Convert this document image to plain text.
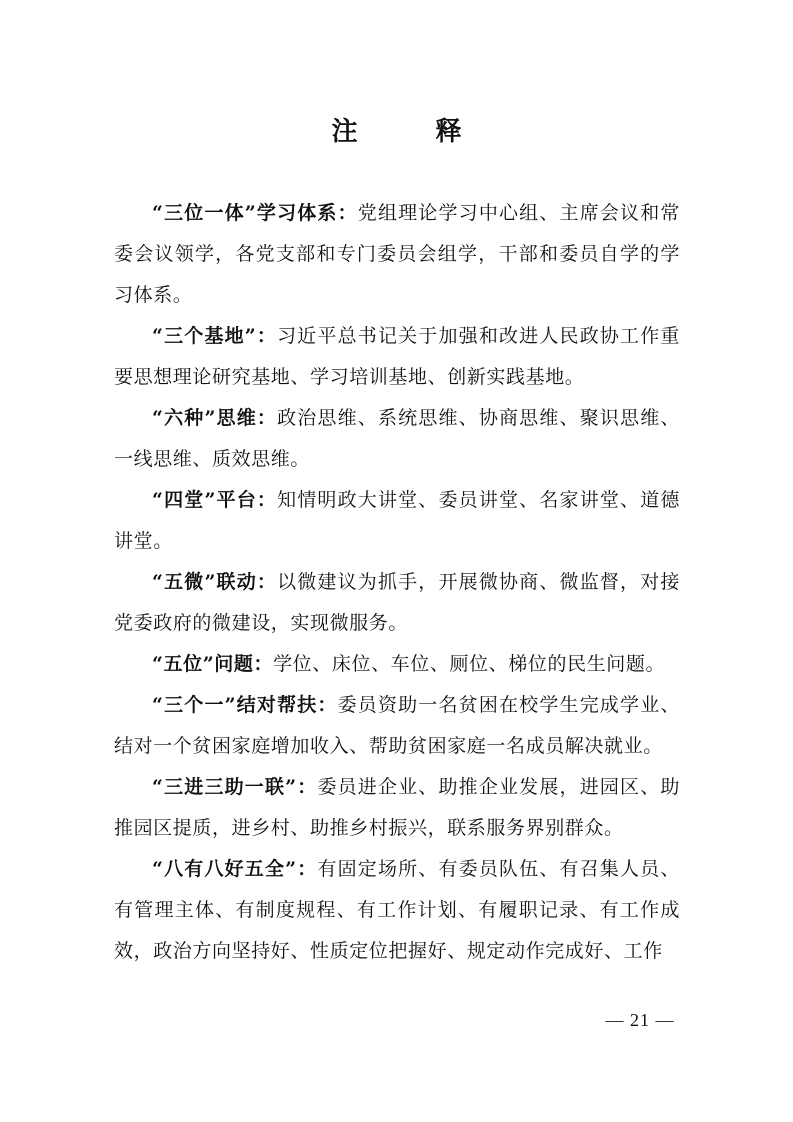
注　释

“三位一体”学习体系：党组理论学习中心组、主席会议和常委会议领学，各党支部和专门委员会组学，干部和委员自学的学习体系。

“三个基地”：习近平总书记关于加强和改进人民政协工作重要思想理论研究基地、学习培训基地、创新实践基地。

“六种”思维：政治思维、系统思维、协商思维、聚识思维、一线思维、质效思维。

“四堂”平台：知情明政大讲堂、委员讲堂、名家讲堂、道德讲堂。

“五微”联动：以微建议为抓手，开展微协商、微监督，对接党委政府的微建设，实现微服务。

“五位”问题：学位、床位、车位、厕位、梯位的民生问题。

“三个一”结对帮扶：委员资助一名贫困在校学生完成学业、结对一个贫困家庭增加收入、帮助贫困家庭一名成员解决就业。

“三进三助一联”：委员进企业、助推企业发展，进园区、助推园区提质，进乡村、助推乡村振兴，联系服务界别群众。

“八有八好五全”：有固定场所、有委员队伍、有召集人员、有管理主体、有制度规程、有工作计划、有履职记录、有工作成效，政治方向坚持好、性质定位把握好、规定动作完成好、工作

— 21 —
